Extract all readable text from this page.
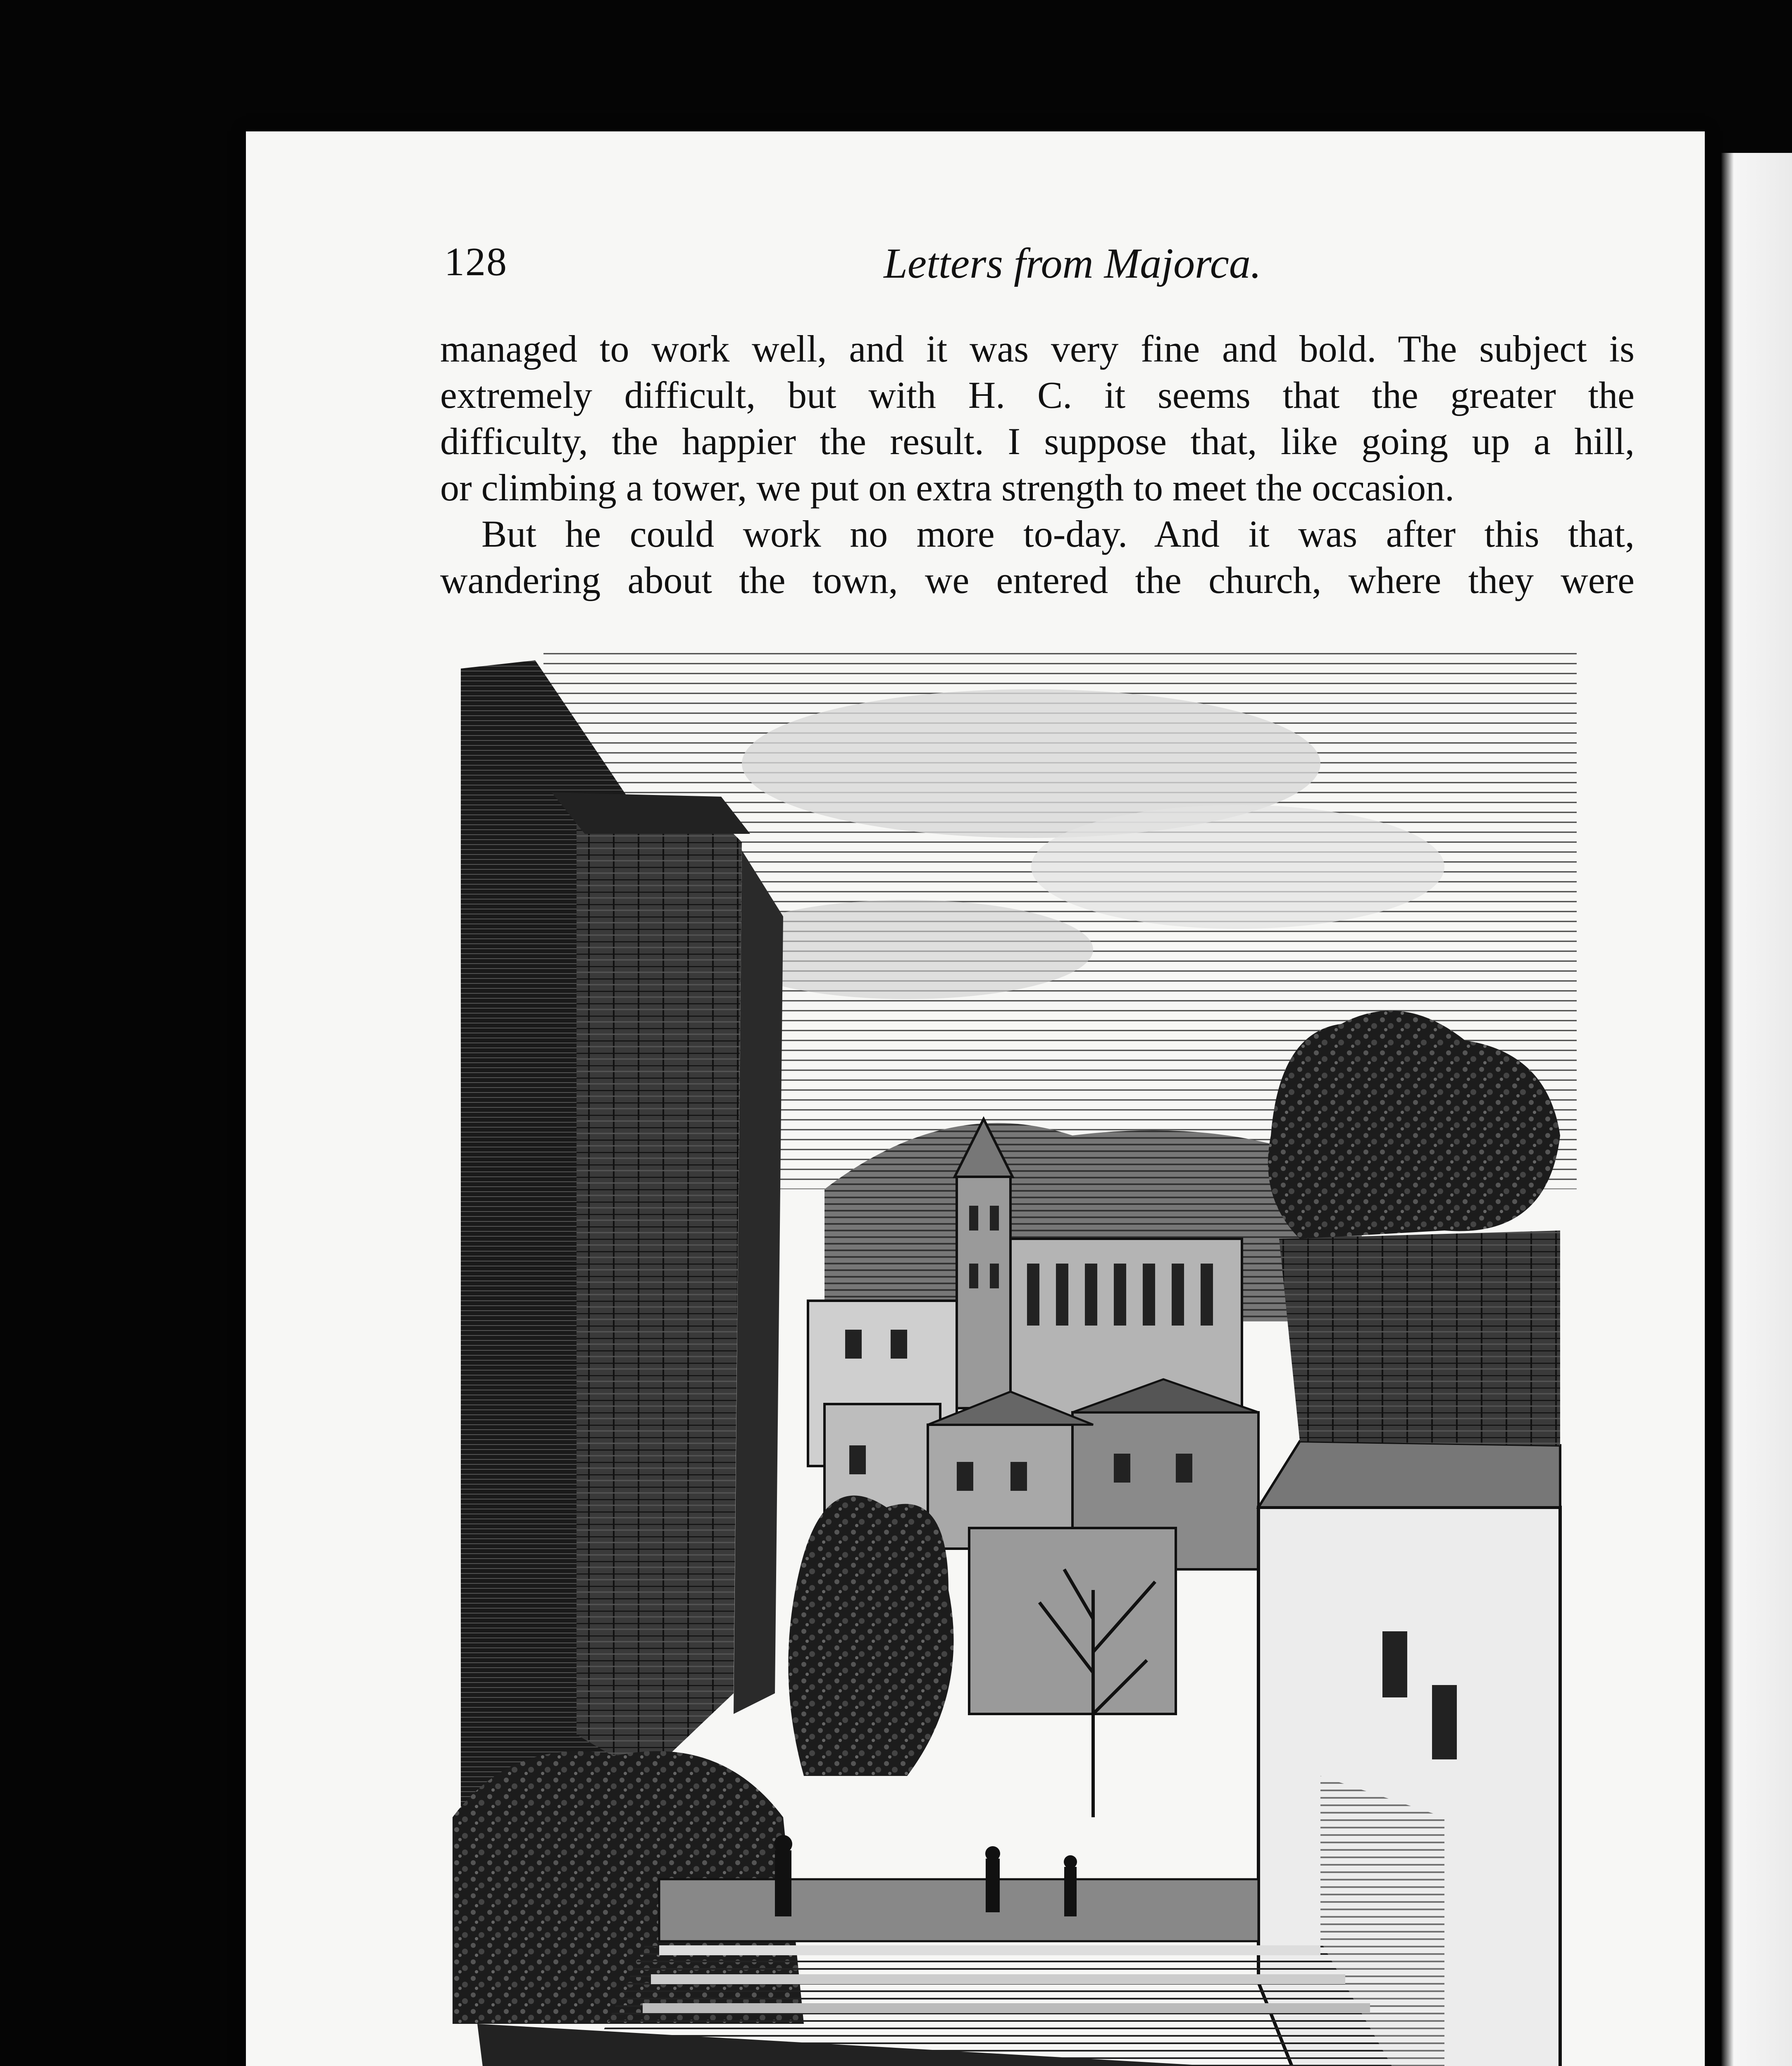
128	Letters from Majorca.
managed to work well, and it was very fine and bold. The subject is
extremely difficult, but with H. C. it seems that the greater the
difficulty, the happier the result. I suppose that, like going up a hill,
or climbing a tower, we put on extra strength to meet the occasion.
But he could work no more to-day. And it was after this that,
wandering about the town, we entered the church, where they were
